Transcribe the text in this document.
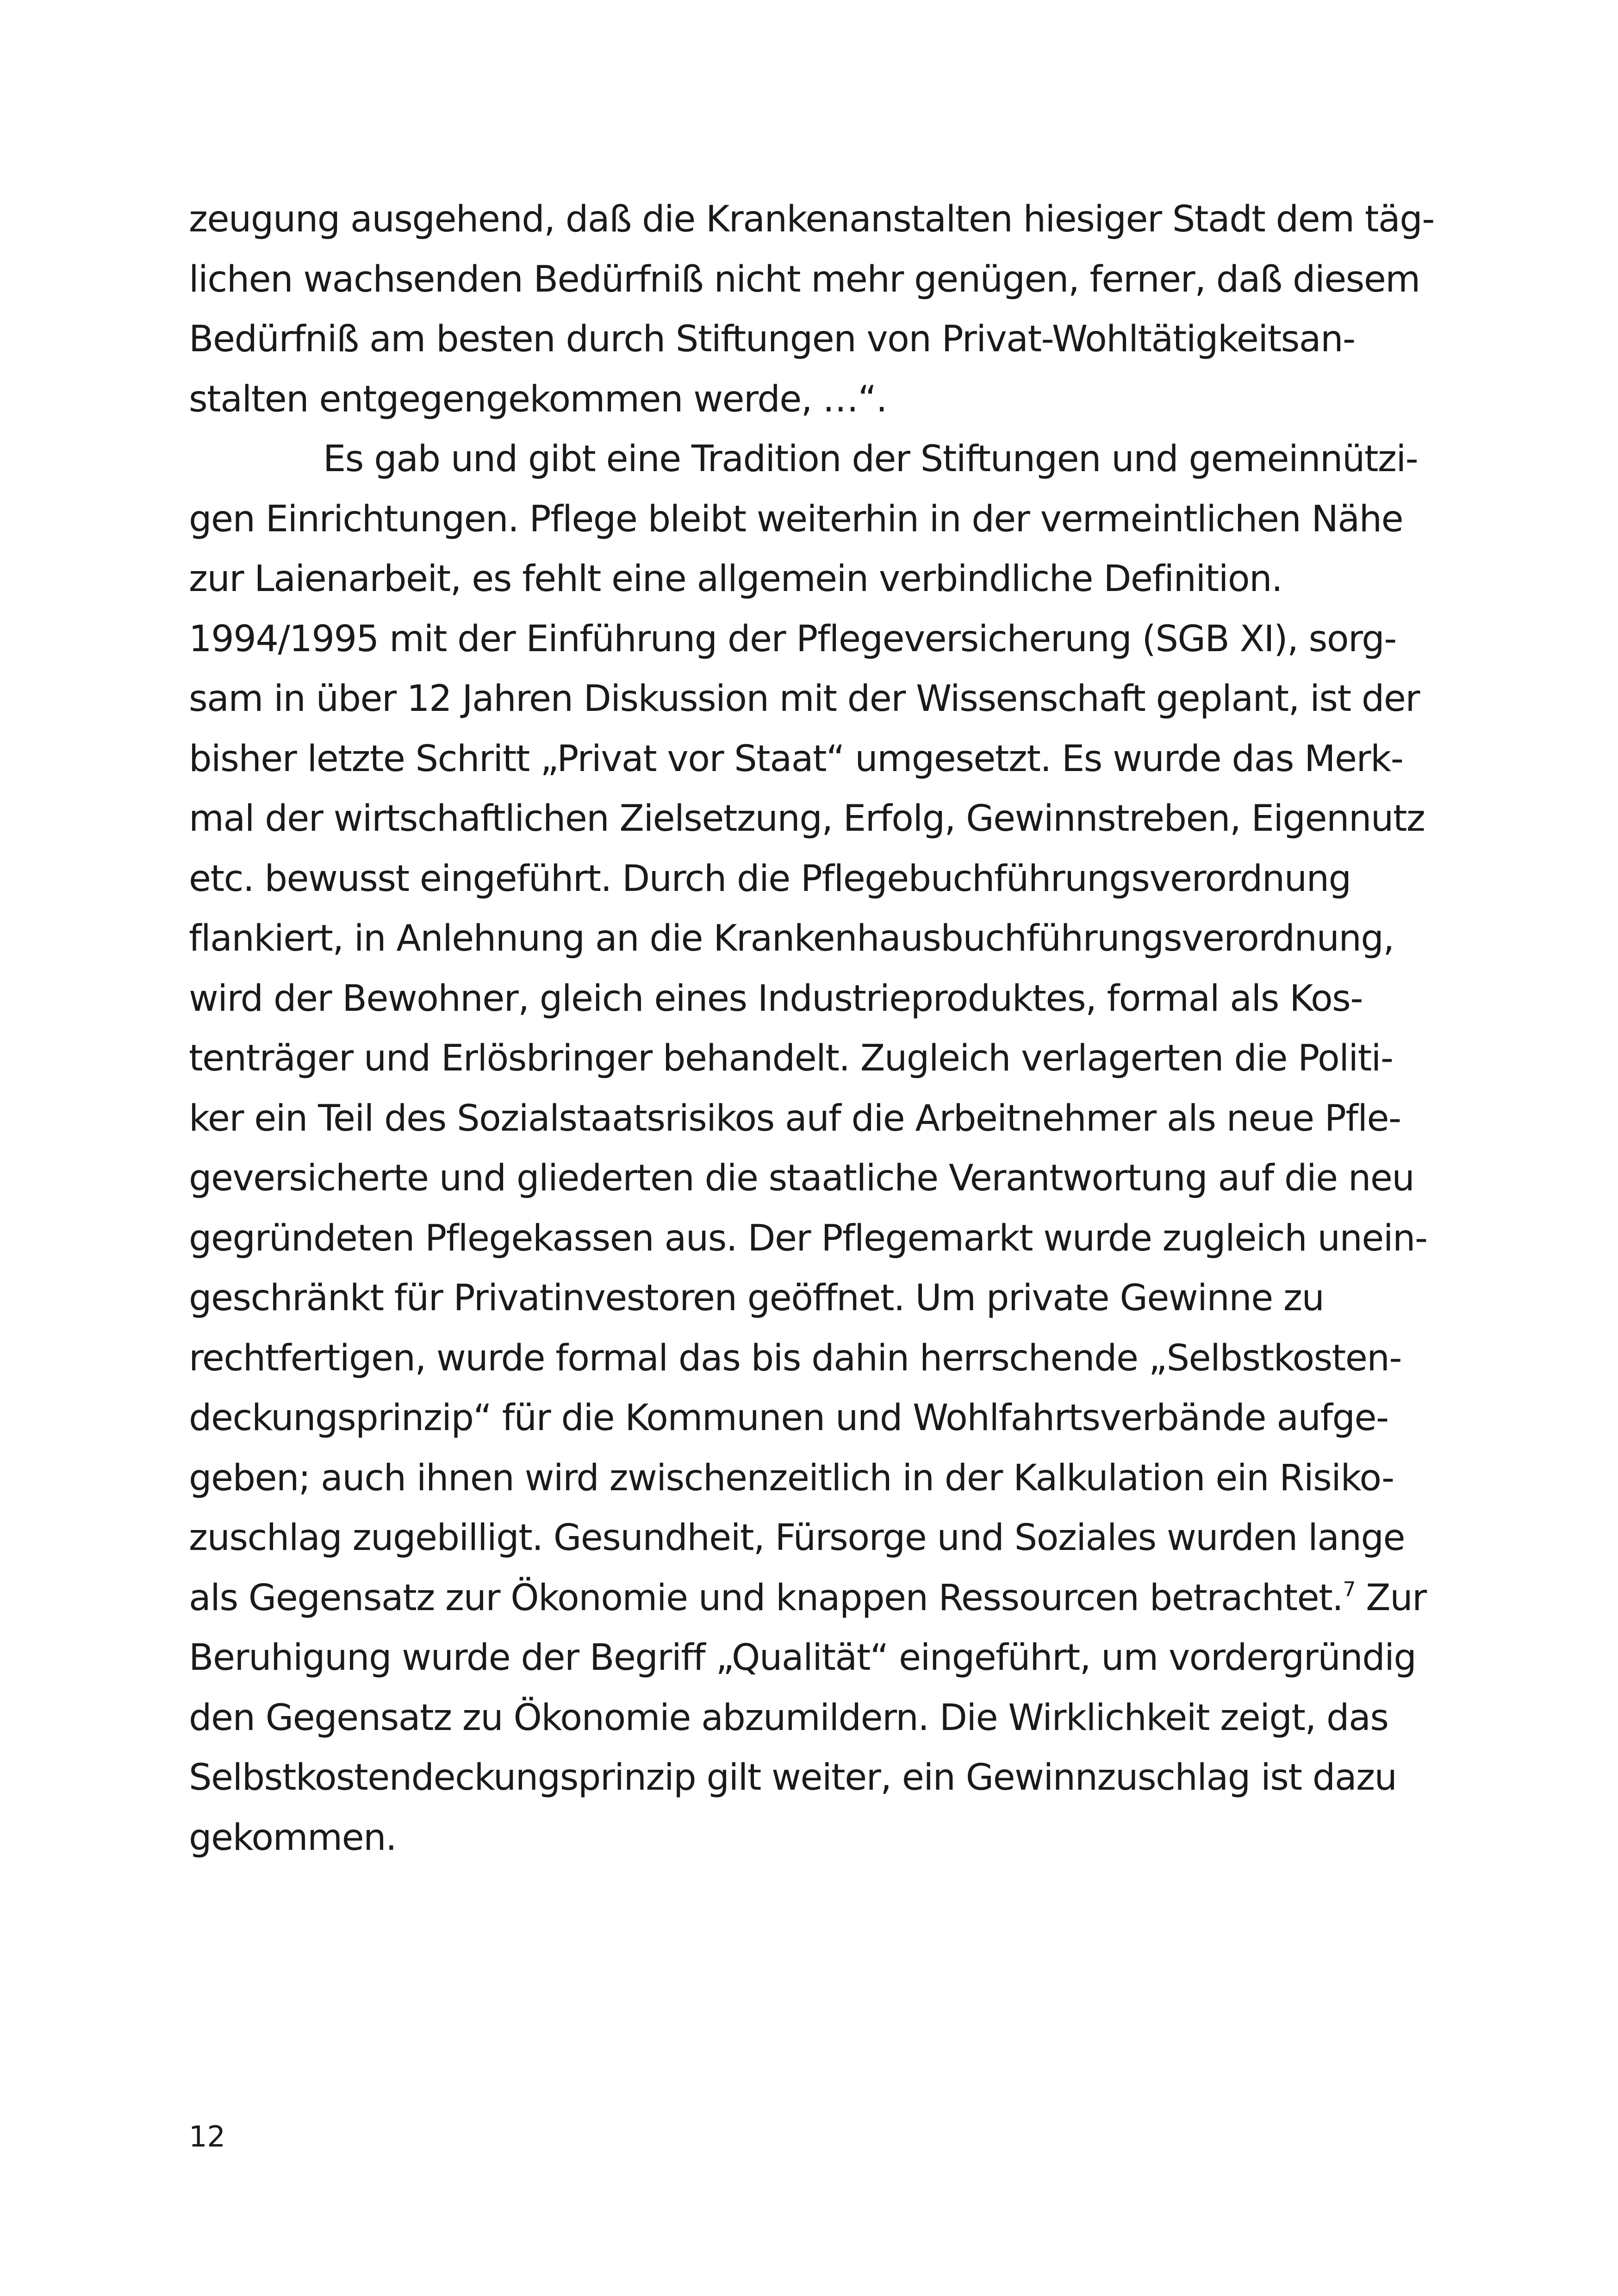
zeugung ausgehend, daß die Krankenanstalten hiesiger Stadt dem täg-
lichen wachsenden Bedürfniß nicht mehr genügen, ferner, daß diesem
Bedürfniß am besten durch Stiftungen von Privat-Wohltätigkeitsan-
stalten entgegengekommen werde, …“.
Es gab und gibt eine Tradition der Stiftungen und gemeinnützi-
gen Einrichtungen. Pflege bleibt weiterhin in der vermeintlichen Nähe
zur Laienarbeit, es fehlt eine allgemein verbindliche Definition.
1994/1995 mit der Einführung der Pflegeversicherung (SGB XI), sorg-
sam in über 12 Jahren Diskussion mit der Wissenschaft geplant, ist der
bisher letzte Schritt „Privat vor Staat“ umgesetzt. Es wurde das Merk-
mal der wirtschaftlichen Zielsetzung, Erfolg, Gewinnstreben, Eigennutz
etc. bewusst eingeführt. Durch die Pflegebuchführungsverordnung
flankiert, in Anlehnung an die Krankenhausbuchführungsverordnung,
wird der Bewohner, gleich eines Industrieproduktes, formal als Kos-
tenträger und Erlösbringer behandelt. Zugleich verlagerten die Politi-
ker ein Teil des Sozialstaatsrisikos auf die Arbeitnehmer als neue Pfle-
geversicherte und gliederten die staatliche Verantwortung auf die neu
gegründeten Pflegekassen aus. Der Pflegemarkt wurde zugleich unein-
geschränkt für Privatinvestoren geöffnet. Um private Gewinne zu
rechtfertigen, wurde formal das bis dahin herrschende „Selbstkosten-
deckungsprinzip“ für die Kommunen und Wohlfahrtsverbände aufge-
geben; auch ihnen wird zwischenzeitlich in der Kalkulation ein Risiko-
zuschlag zugebilligt. Gesundheit, Fürsorge und Soziales wurden lange
als Gegensatz zur Ökonomie und knappen Ressourcen betrachtet.$^7$ Zur
Beruhigung wurde der Begriff „Qualität“ eingeführt, um vordergründig
den Gegensatz zu Ökonomie abzumildern. Die Wirklichkeit zeigt, das
Selbstkostendeckungsprinzip gilt weiter, ein Gewinnzuschlag ist dazu
gekommen.
12
